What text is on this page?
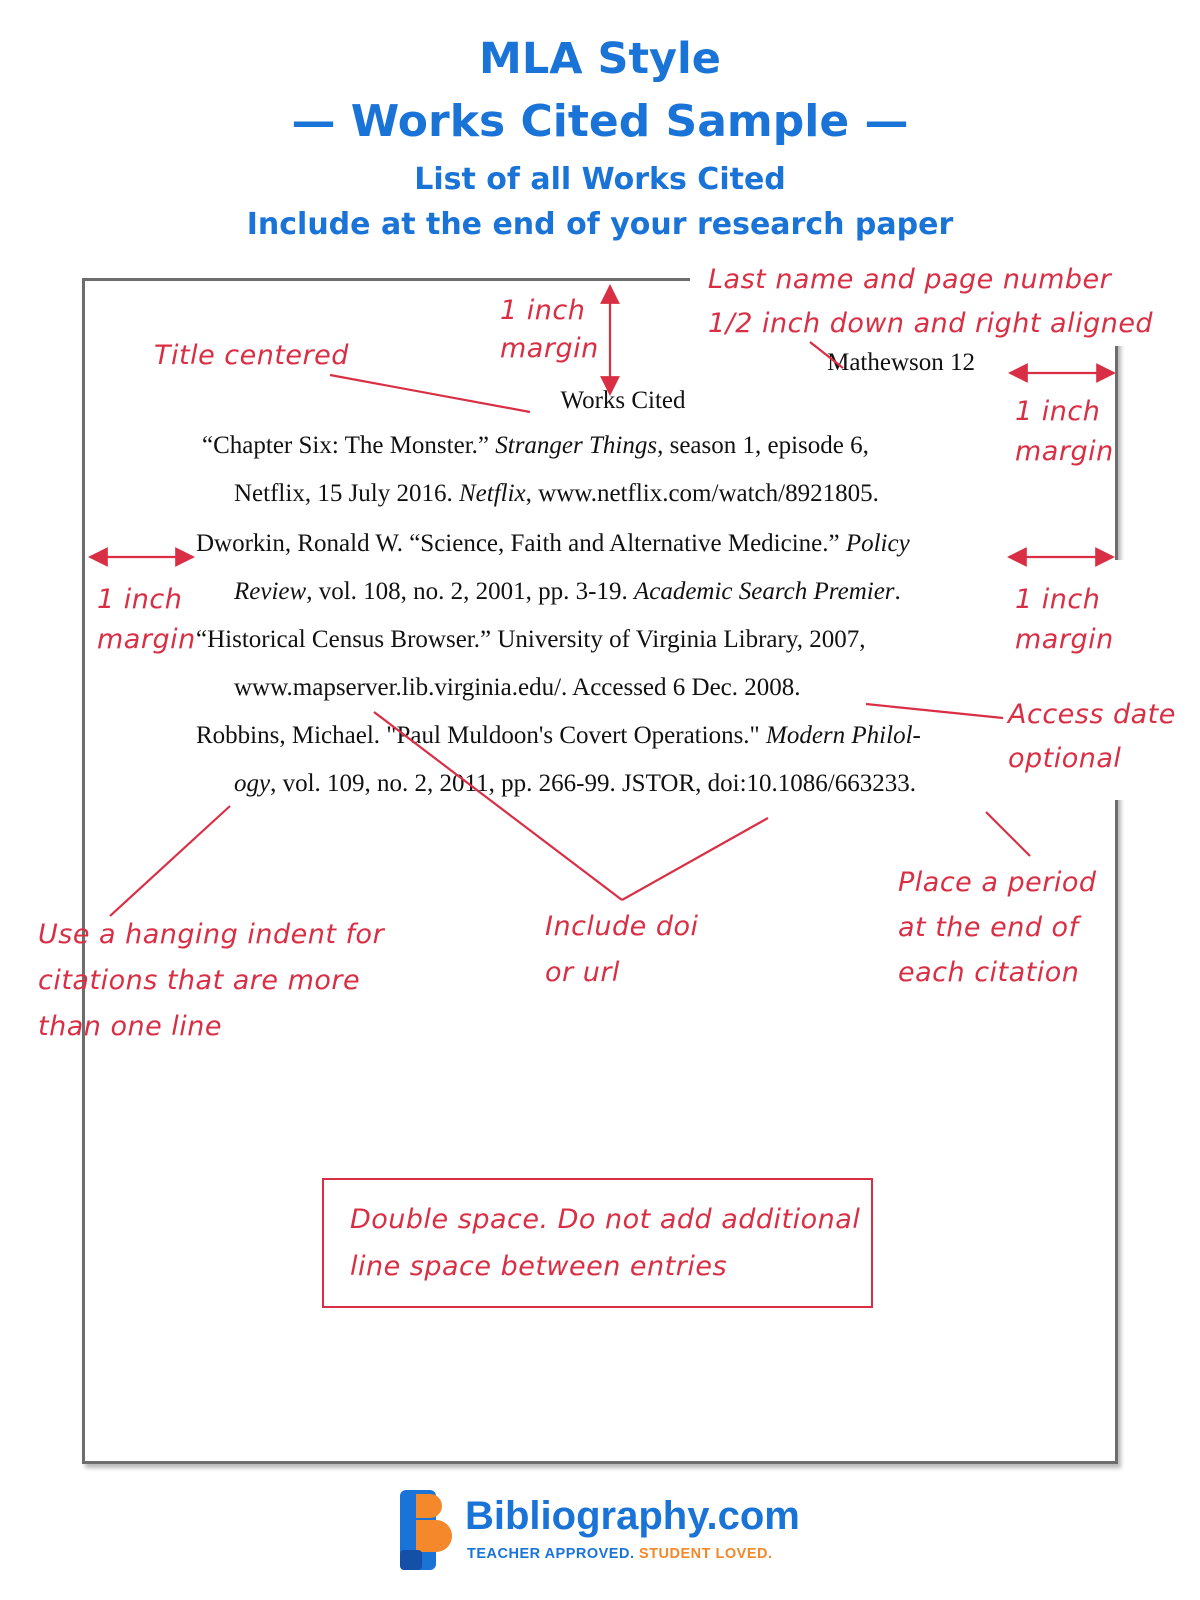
MLA Style
— Works Cited Sample —
List of all Works Cited
Include at the end of your research paper
Mathewson 12
Works Cited
“Chapter Six: The Monster.” Stranger Things, season 1, episode 6,
Netflix, 15 July 2016. Netflix, www.netflix.com/watch/8921805.
Dworkin, Ronald W. “Science, Faith and Alternative Medicine.” Policy
Review, vol. 108, no. 2, 2001, pp. 3-19. Academic Search Premier.
“Historical Census Browser.” University of Virginia Library, 2007,
www.mapserver.lib.virginia.edu/. Accessed 6 Dec. 2008.
Robbins, Michael. "Paul Muldoon's Covert Operations." Modern Philol-
ogy, vol. 109, no. 2, 2011, pp. 266-99. JSTOR, doi:10.1086/663233.
Last name and page number
1/2 inch down and right aligned
1 inch
margin
Title centered
1 inch
margin
1 inch
margin
1 inch
margin
Access date
optional
Use a hanging indent for
citations that are more
than one line
Include doi
or url
Place a period
at the end of
each citation
Double space. Do not add additional
line space between entries
Bibliography.com
TEACHER APPROVED. STUDENT LOVED.
